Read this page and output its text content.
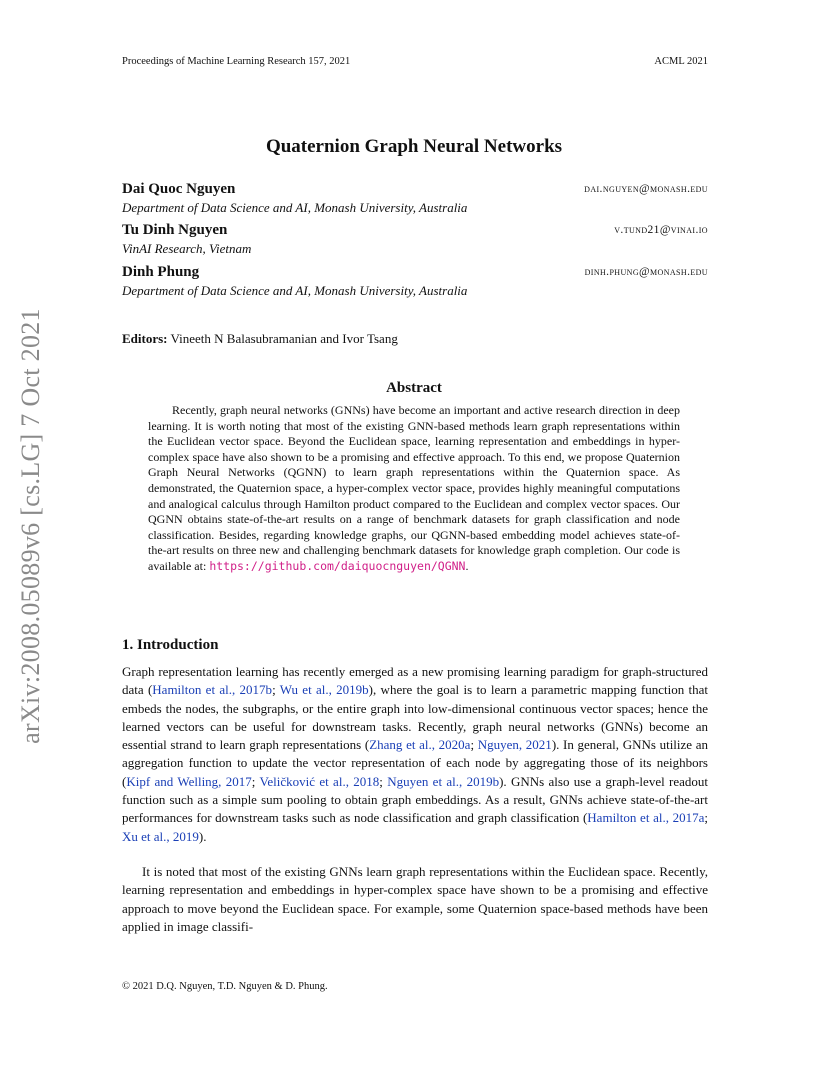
Proceedings of Machine Learning Research 157, 2021	ACML 2021
arXiv:2008.05089v6 [cs.LG] 7 Oct 2021
Quaternion Graph Neural Networks
Dai Quoc Nguyen	dai.nguyen@monash.edu
Department of Data Science and AI, Monash University, Australia
Tu Dinh Nguyen	v.tund21@vinai.io
VinAI Research, Vietnam
Dinh Phung	dinh.phung@monash.edu
Department of Data Science and AI, Monash University, Australia
Editors: Vineeth N Balasubramanian and Ivor Tsang
Abstract

Recently, graph neural networks (GNNs) have become an important and active research direction in deep learning. It is worth noting that most of the existing GNN-based methods learn graph representations within the Euclidean vector space. Beyond the Euclidean space, learning representation and embeddings in hyper-complex space have also shown to be a promising and effective approach. To this end, we propose Quaternion Graph Neural Networks (QGNN) to learn graph representations within the Quaternion space. As demonstrated, the Quaternion space, a hyper-complex vector space, provides highly meaningful computations and analogical calculus through Hamilton product compared to the Euclidean and complex vector spaces. Our QGNN obtains state-of-the-art results on a range of benchmark datasets for graph classification and node classification. Besides, regarding knowledge graphs, our QGNN-based embedding model achieves state-of-the-art results on three new and challenging benchmark datasets for knowledge graph completion. Our code is available at: https://github.com/daiquocnguyen/QGNN.

1. Introduction

Graph representation learning has recently emerged as a new promising learning paradigm for graph-structured data (Hamilton et al., 2017b; Wu et al., 2019b), where the goal is to learn a parametric mapping function that embeds the nodes, the subgraphs, or the entire graph into low-dimensional continuous vector spaces; hence the learned vectors can be useful for downstream tasks. Recently, graph neural networks (GNNs) become an essential strand to learn graph representations (Zhang et al., 2020a; Nguyen, 2021). In general, GNNs utilize an aggregation function to update the vector representation of each node by aggregating those of its neighbors (Kipf and Welling, 2017; Veličković et al., 2018; Nguyen et al., 2019b). GNNs also use a graph-level readout function such as a simple sum pooling to obtain graph embeddings. As a result, GNNs achieve state-of-the-art performances for downstream tasks such as node classification and graph classification (Hamilton et al., 2017a; Xu et al., 2019).

It is noted that most of the existing GNNs learn graph representations within the Euclidean space. Recently, learning representation and embeddings in hyper-complex space have shown to be a promising and effective approach to move beyond the Euclidean space. For example, some Quaternion space-based methods have been applied in image classifi-

© 2021 D.Q. Nguyen, T.D. Nguyen & D. Phung.
